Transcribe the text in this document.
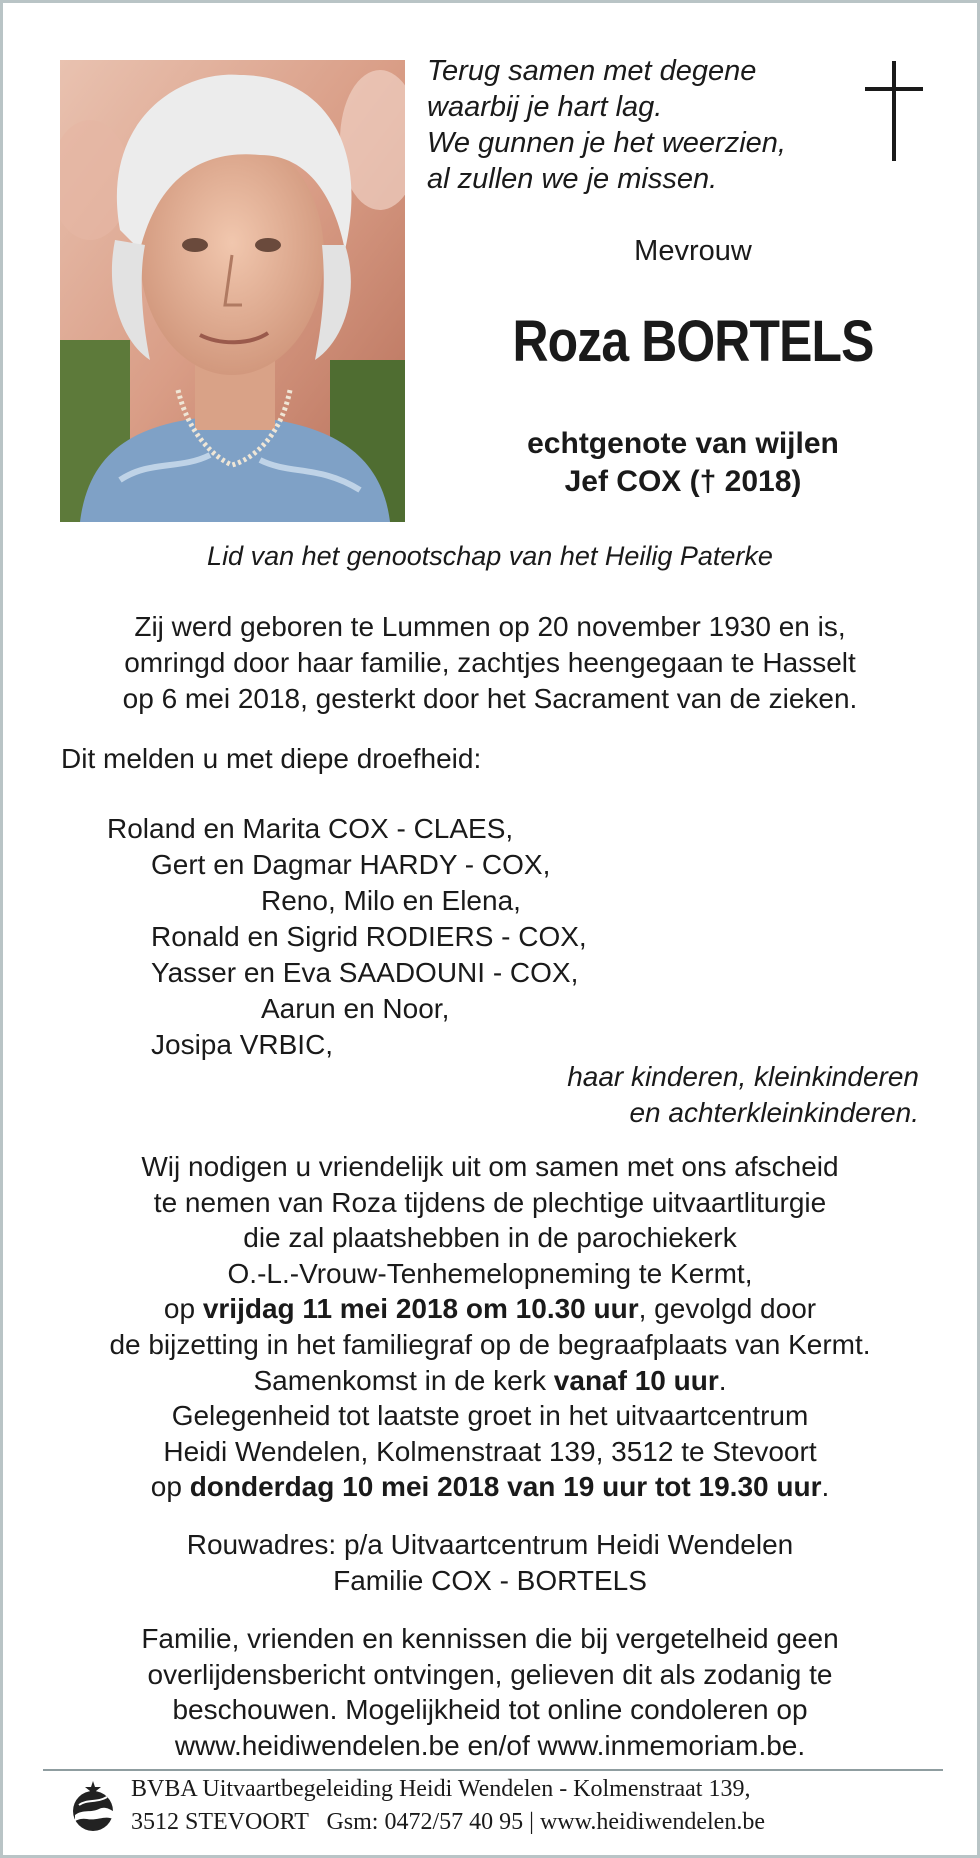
Terug samen met degene
waarbij je hart lag.
We gunnen je het weerzien,
al zullen we je missen.
Mevrouw
Roza BORTELS
echtgenote van wijlen
Jef COX († 2018)
Lid van het genootschap van het Heilig Paterke
Zij werd geboren te Lummen op 20 november 1930 en is,
omringd door haar familie, zachtjes heengegaan te Hasselt
op 6 mei 2018, gesterkt door het Sacrament van de zieken.
Dit melden u met diepe droefheid:
Roland en Marita COX - CLAES,
Gert en Dagmar HARDY - COX,
Reno, Milo en Elena,
Ronald en Sigrid RODIERS - COX,
Yasser en Eva SAADOUNI - COX,
Aarun en Noor,
Josipa VRBIC,
haar kinderen, kleinkinderen
en achterkleinkinderen.
Wij nodigen u vriendelijk uit om samen met ons afscheid
te nemen van Roza tijdens de plechtige uitvaartliturgie
die zal plaatshebben in de parochiekerk
O.-L.-Vrouw-Tenhemelopneming te Kermt,
op vrijdag 11 mei 2018 om 10.30 uur, gevolgd door
de bijzetting in het familiegraf op de begraafplaats van Kermt.
Samenkomst in de kerk vanaf 10 uur.
Gelegenheid tot laatste groet in het uitvaartcentrum
Heidi Wendelen, Kolmenstraat 139, 3512 te Stevoort
op donderdag 10 mei 2018 van 19 uur tot 19.30 uur.
Rouwadres: p/a Uitvaartcentrum Heidi Wendelen
Familie COX - BORTELS
Familie, vrienden en kennissen die bij vergetelheid geen
overlijdensbericht ontvingen, gelieven dit als zodanig te
beschouwen. Mogelijkheid tot online condoleren op
www.heidiwendelen.be en/of www.inmemoriam.be.
BVBA Uitvaartbegeleiding Heidi Wendelen - Kolmenstraat 139,
3512 STEVOORT   Gsm: 0472/57 40 95 | www.heidiwendelen.be
